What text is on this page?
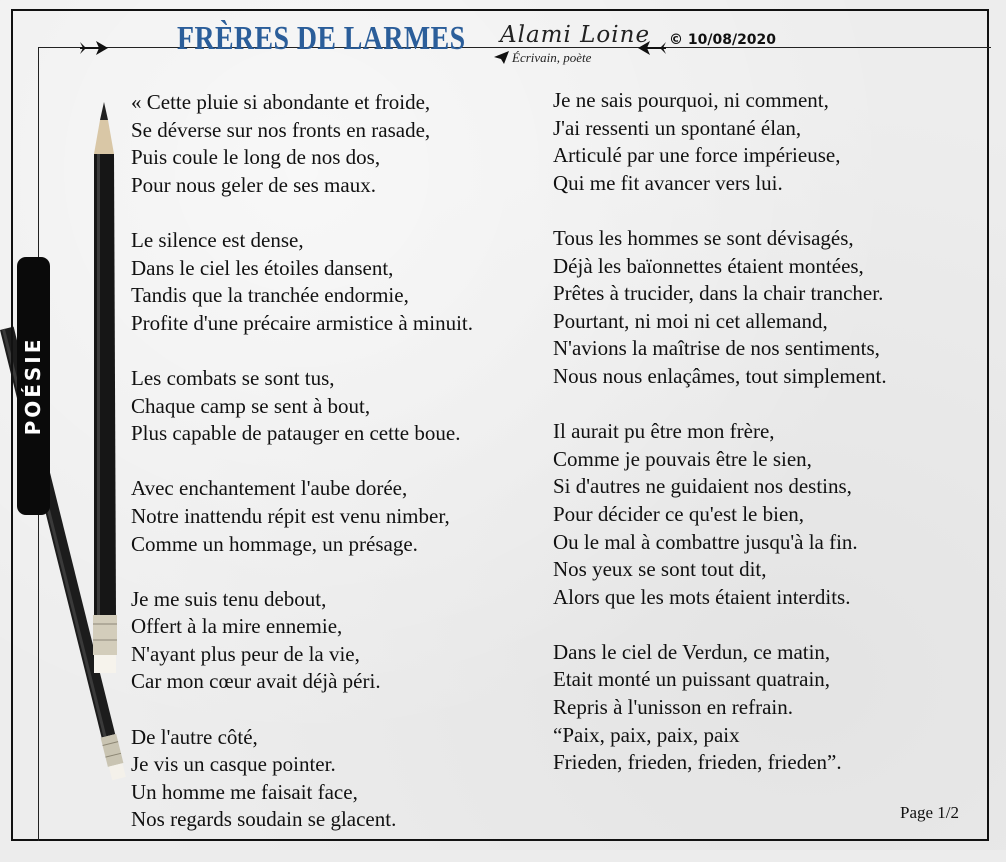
FRÈRES DE LARMES Alami Loine
Écrivain, poète
© 10/08/2020
POÉSIE
« Cette pluie si abondante et froide,
Se déverse sur nos fronts en rasade,
Puis coule le long de nos dos,
Pour nous geler de ses maux.
Le silence est dense,
Dans le ciel les étoiles dansent,
Tandis que la tranchée endormie,
Profite d'une précaire armistice à minuit.
Les combats se sont tus,
Chaque camp se sent à bout,
Plus capable de patauger en cette boue.
Avec enchantement l'aube dorée,
Notre inattendu répit est venu nimber,
Comme un hommage, un présage.
Je me suis tenu debout,
Offert à la mire ennemie,
N'ayant plus peur de la vie,
Car mon cœur avait déjà péri.
De l'autre côté,
Je vis un casque pointer.
Un homme me faisait face,
Nos regards soudain se glacent.
Je ne sais pourquoi, ni comment,
J'ai ressenti un spontané élan,
Articulé par une force impérieuse,
Qui me fit avancer vers lui.
Tous les hommes se sont dévisagés,
Déjà les baïonnettes étaient montées,
Prêtes à trucider, dans la chair trancher.
Pourtant, ni moi ni cet allemand,
N'avions la maîtrise de nos sentiments,
Nous nous enlaçâmes, tout simplement.
Il aurait pu être mon frère,
Comme je pouvais être le sien,
Si d'autres ne guidaient nos destins,
Pour décider ce qu'est le bien,
Ou le mal à combattre jusqu'à la fin.
Nos yeux se sont tout dit,
Alors que les mots étaient interdits.
Dans le ciel de Verdun, ce matin,
Etait monté un puissant quatrain,
Repris à l'unisson en refrain.
“Paix, paix, paix, paix
Frieden, frieden, frieden, frieden”.
Page 1/2
